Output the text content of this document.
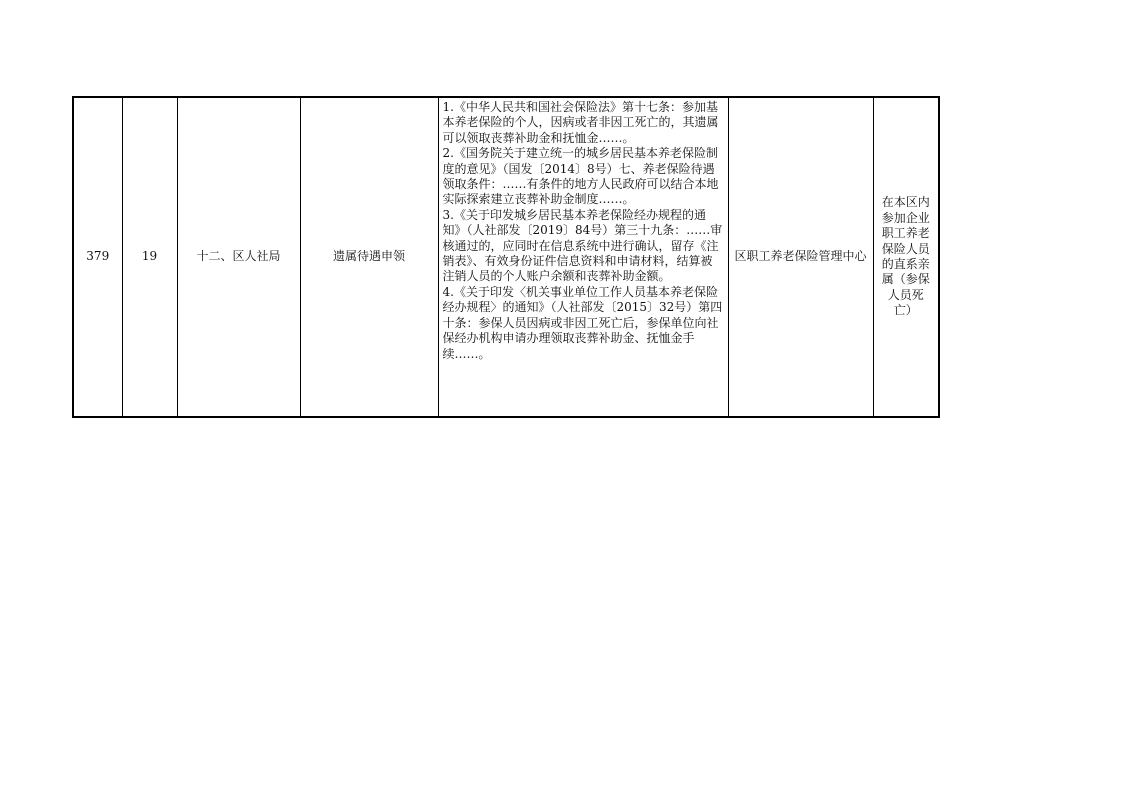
379	19	十二、区人社局	遗属待遇申领	
1.《中华人民共和国社会保险法》第十七条：参加基本养老保险的个人，因病或者非因工死亡的，其遗属可以领取丧葬补助金和抚恤金……。
2.《国务院关于建立统一的城乡居民基本养老保险制度的意见》（国发〔2014〕8号）七、养老保险待遇领取条件：……有条件的地方人民政府可以结合本地实际探索建立丧葬补助金制度……。
3.《关于印发城乡居民基本养老保险经办规程的通知》（人社部发〔2019〕84号）第三十九条：……审核通过的，应同时在信息系统中进行确认，留存《注销表》、有效身份证件信息资料和申请材料，结算被注销人员的个人账户余额和丧葬补助金额。
4.《关于印发〈机关事业单位工作人员基本养老保险经办规程〉的通知》（人社部发〔2015〕32号）第四十条：参保人员因病或非因工死亡后，参保单位向社保经办机构申请办理领取丧葬补助金、抚恤金手续……。
	区职工养老保险管理中心	在本区内参加企业职工养老保险人员的直系亲属（参保人员死亡）
